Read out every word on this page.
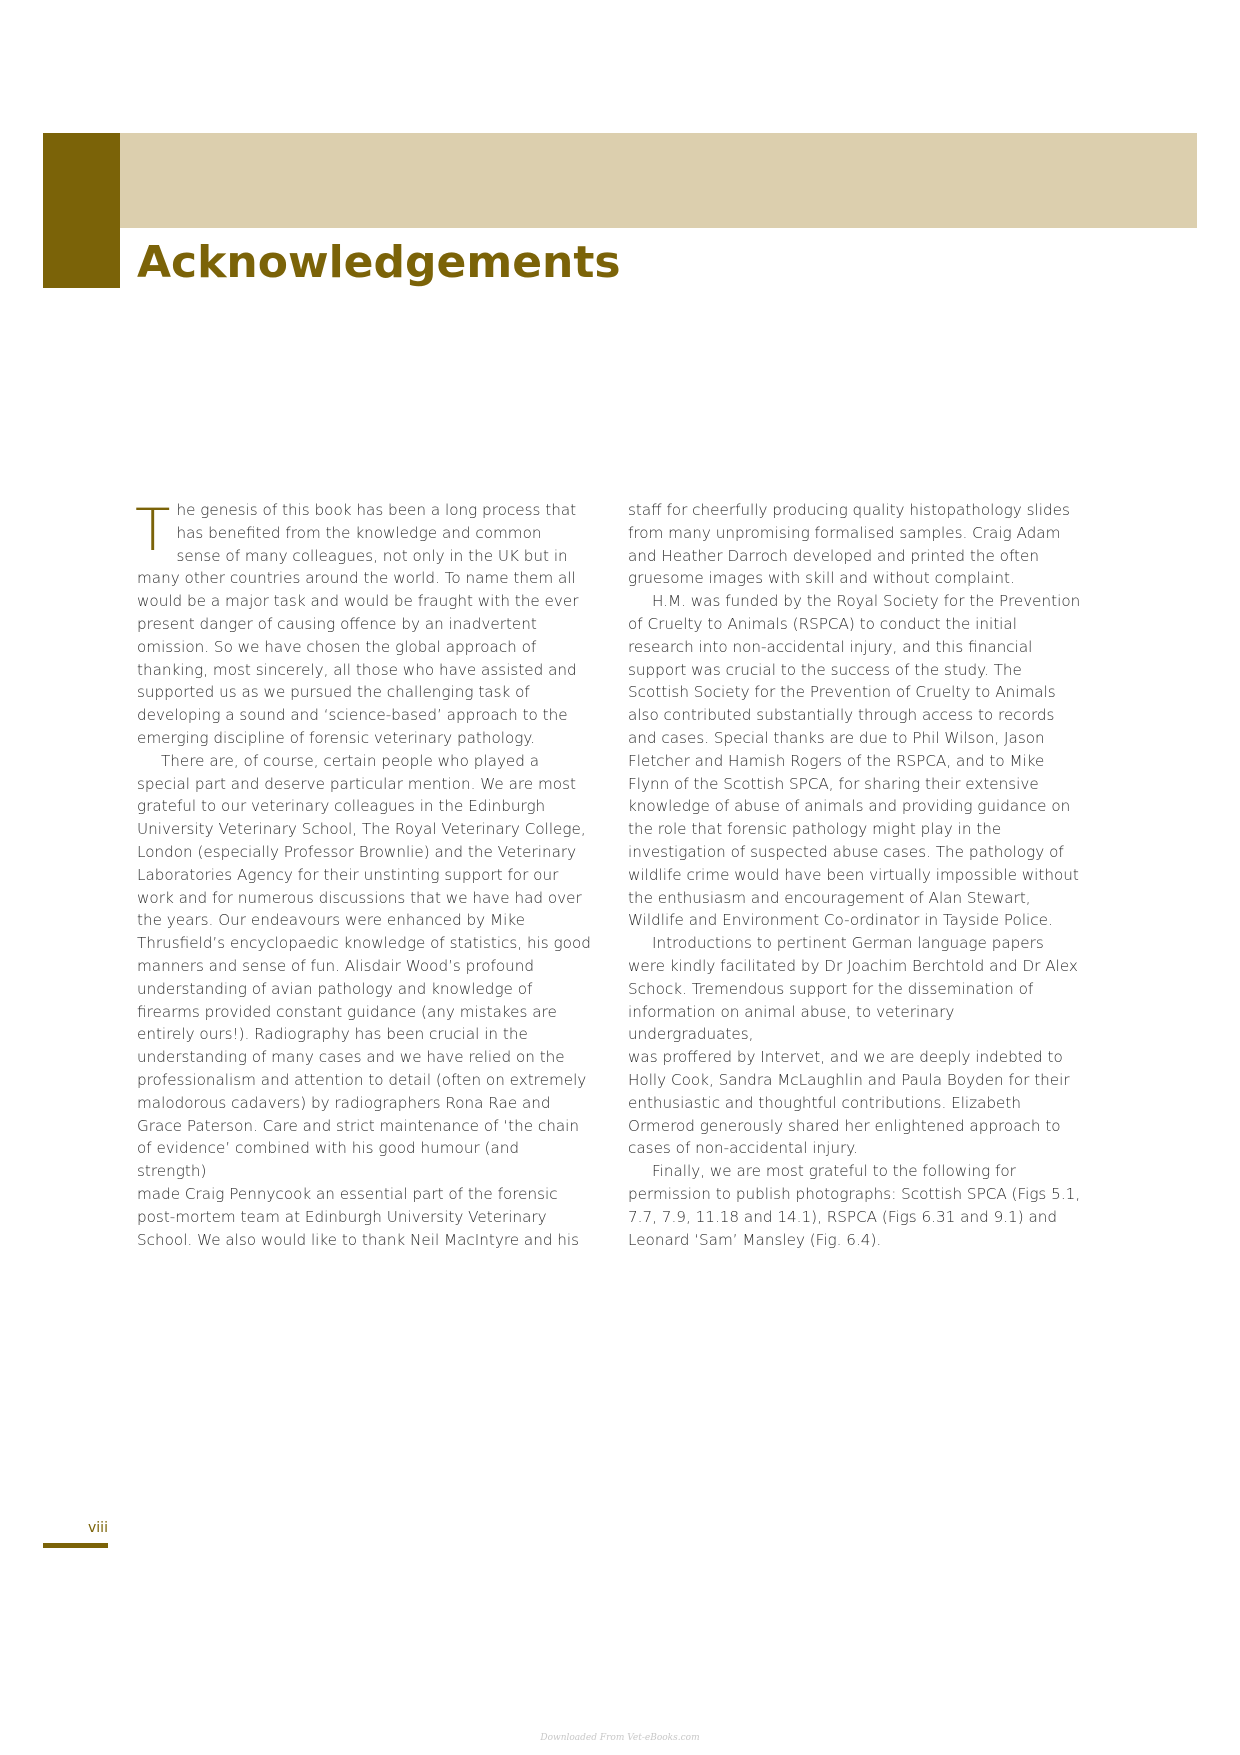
Acknowledgements

The genesis of this book has been a long process that
has benefited from the knowledge and common
sense of many colleagues, not only in the UK but in
many other countries around the world. To name them all
would be a major task and would be fraught with the ever
present danger of causing offence by an inadvertent
omission. So we have chosen the global approach of
thanking, most sincerely, all those who have assisted and
supported us as we pursued the challenging task of
developing a sound and ‘science-based’ approach to the
emerging discipline of forensic veterinary pathology.

There are, of course, certain people who played a
special part and deserve particular mention. We are most
grateful to our veterinary colleagues in the Edinburgh
University Veterinary School, The Royal Veterinary College,
London (especially Professor Brownlie) and the Veterinary
Laboratories Agency for their unstinting support for our
work and for numerous discussions that we have had over
the years. Our endeavours were enhanced by Mike
Thrusfield’s encyclopaedic knowledge of statistics, his good
manners and sense of fun. Alisdair Wood’s profound
understanding of avian pathology and knowledge of
firearms provided constant guidance (any mistakes are
entirely ours!). Radiography has been crucial in the
understanding of many cases and we have relied on the
professionalism and attention to detail (often on extremely
malodorous cadavers) by radiographers Rona Rae and
Grace Paterson. Care and strict maintenance of ‘the chain
of evidence’ combined with his good humour (and strength)
made Craig Pennycook an essential part of the forensic
post-mortem team at Edinburgh University Veterinary
School. We also would like to thank Neil MacIntyre and his

staff for cheerfully producing quality histopathology slides
from many unpromising formalised samples. Craig Adam
and Heather Darroch developed and printed the often
gruesome images with skill and without complaint.

H.M. was funded by the Royal Society for the Prevention
of Cruelty to Animals (RSPCA) to conduct the initial
research into non-accidental injury, and this financial
support was crucial to the success of the study. The
Scottish Society for the Prevention of Cruelty to Animals
also contributed substantially through access to records
and cases. Special thanks are due to Phil Wilson, Jason
Fletcher and Hamish Rogers of the RSPCA, and to Mike
Flynn of the Scottish SPCA, for sharing their extensive
knowledge of abuse of animals and providing guidance on
the role that forensic pathology might play in the
investigation of suspected abuse cases. The pathology of
wildlife crime would have been virtually impossible without
the enthusiasm and encouragement of Alan Stewart,
Wildlife and Environment Co-ordinator in Tayside Police.

Introductions to pertinent German language papers
were kindly facilitated by Dr Joachim Berchtold and Dr Alex
Schock. Tremendous support for the dissemination of
information on animal abuse, to veterinary undergraduates,
was proffered by Intervet, and we are deeply indebted to
Holly Cook, Sandra McLaughlin and Paula Boyden for their
enthusiastic and thoughtful contributions. Elizabeth
Ormerod generously shared her enlightened approach to
cases of non-accidental injury.

Finally, we are most grateful to the following for
permission to publish photographs: Scottish SPCA (Figs 5.1,
7.7, 7.9, 11.18 and 14.1), RSPCA (Figs 6.31 and 9.1) and
Leonard ‘Sam’ Mansley (Fig. 6.4).

viii
Downloaded From Vet-eBooks.com
